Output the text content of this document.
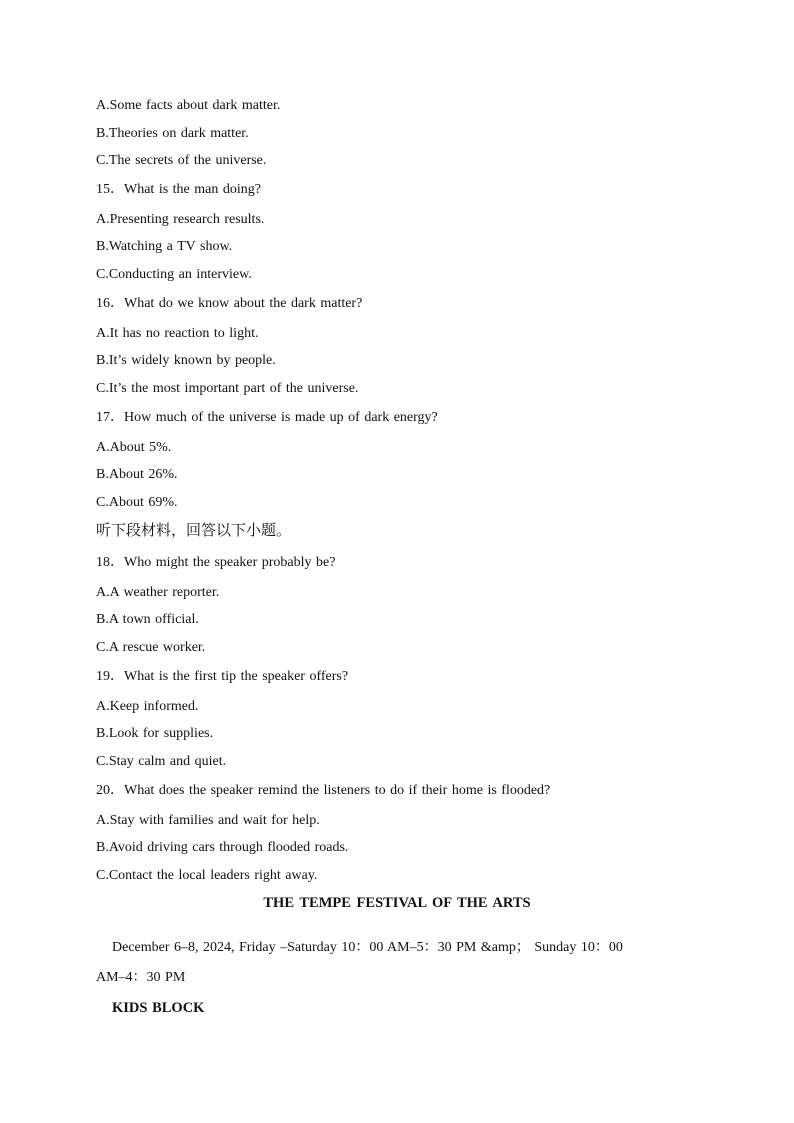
A.Some facts about dark matter.
B.Theories on dark matter.
C.The secrets of the universe.
15．What is the man doing?
A.Presenting research results.
B.Watching a TV show.
C.Conducting an interview.
16．What do we know about the dark matter?
A.It has no reaction to light.
B.It’s widely known by people.
C.It’s the most important part of the universe.
17．How much of the universe is made up of dark energy?
A.About 5%.
B.About 26%.
C.About 69%.
听下段材料，回答以下小题。
18．Who might the speaker probably be?
A.A weather reporter.
B.A town official.
C.A rescue worker.
19．What is the first tip the speaker offers?
A.Keep informed.
B.Look for supplies.
C.Stay calm and quiet.
20．What does the speaker remind the listeners to do if their home is flooded?
A.Stay with families and wait for help.
B.Avoid driving cars through flooded roads.
C.Contact the local leaders right away.
THE TEMPE FESTIVAL OF THE ARTS
December 6–8, 2024, Friday –Saturday 10：00 AM–5：30 PM &amp； Sunday 10：00
AM–4：30 PM
KIDS BLOCK
